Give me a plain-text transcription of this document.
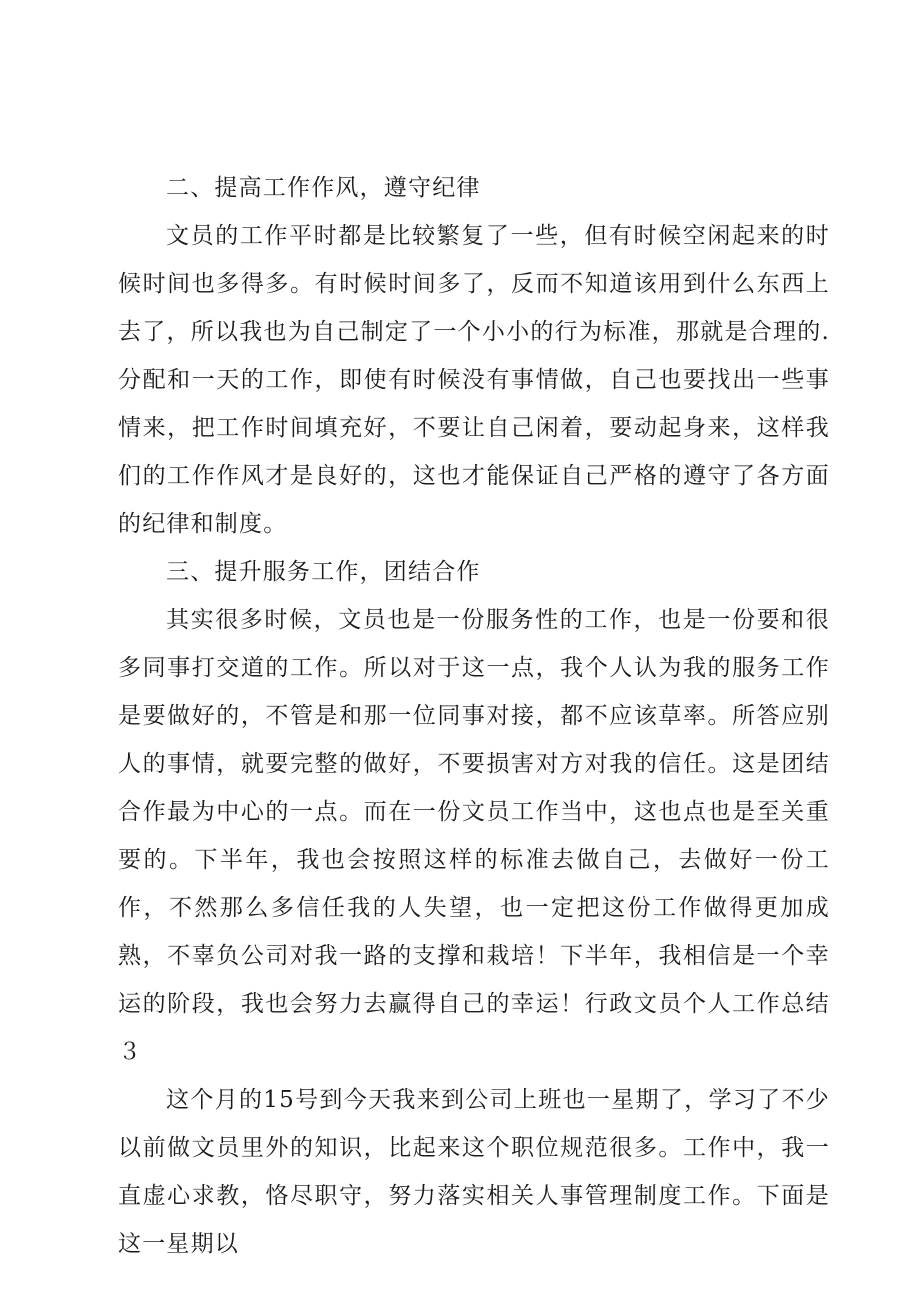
二、提高工作作风，遵守纪律

文员的工作平时都是比较繁复了一些，但有时候空闲起来的时候时间也多得多。有时候时间多了，反而不知道该用到什么东西上去了，所以我也为自己制定了一个小小的行为标准，那就是合理的.分配和一天的工作，即使有时候没有事情做，自己也要找出一些事情来，把工作时间填充好，不要让自己闲着，要动起身来，这样我们的工作作风才是良好的，这也才能保证自己严格的遵守了各方面的纪律和制度。

三、提升服务工作，团结合作

其实很多时候，文员也是一份服务性的工作，也是一份要和很多同事打交道的工作。所以对于这一点，我个人认为我的服务工作是要做好的，不管是和那一位同事对接，都不应该草率。所答应别人的事情，就要完整的做好，不要损害对方对我的信任。这是团结合作最为中心的一点。而在一份文员工作当中，这也点也是至关重要的。下半年，我也会按照这样的标准去做自己，去做好一份工作，不然那么多信任我的人失望，也一定把这份工作做得更加成熟，不辜负公司对我一路的支撑和栽培！下半年，我相信是一个幸运的阶段，我也会努力去赢得自己的幸运！行政文员个人工作总结３

这个月的15号到今天我来到公司上班也一星期了，学习了不少以前做文员里外的知识，比起来这个职位规范很多。工作中，我一直虚心求教，恪尽职守，努力落实相关人事管理制度工作。下面是这一星期以
